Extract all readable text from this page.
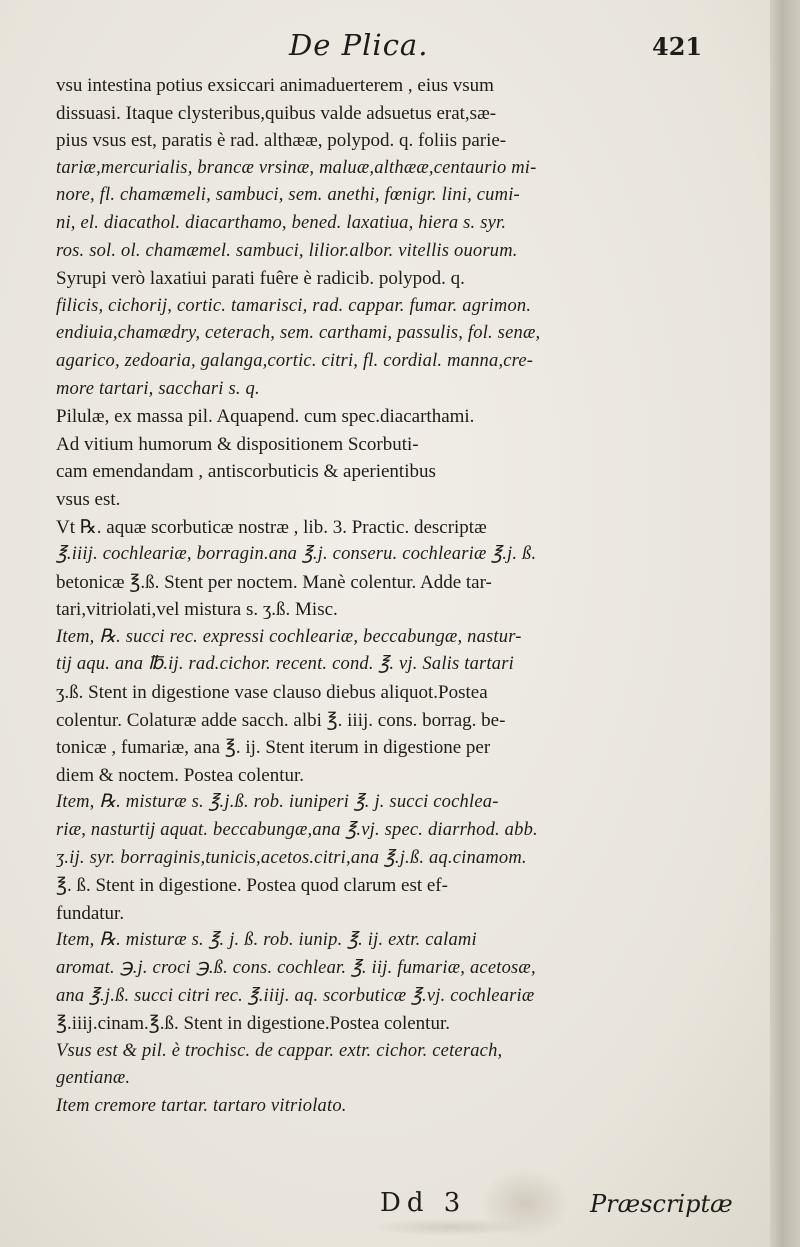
De Plica.	421
vsu intestina potius exsiccari animaduerterem , eius vsum
dissuasi. Itaque clysteribus,quibus valde adsuetus erat,sæ-
pius vsus est, paratis è rad. althææ, polypod. q. foliis parie-
tariæ,mercurialis, brancæ vrsinæ, maluæ,althææ,centaurio mi-
nore, fl. chamæmeli, sambuci, sem. anethi, fœnigr. lini, cumi-
ni, el. diacathol. diacarthamo, bened. laxatiua, hiera s. syr.
ros. sol. ol. chamæmel. sambuci, lilior.albor. vitellis ouorum.
Syrupi verò laxatiui parati fuêre è radicib. polypod. q.
filicis, cichorij, cortic. tamarisci, rad. cappar. fumar. agrimon.
endiuia,chamædry, ceterach, sem. carthami, passulis, fol. senæ,
agarico, zedoaria, galanga,cortic. citri, fl. cordial. manna,cre-
more tartari, sacchari s. q.
Pilulæ, ex massa pil. Aquapend. cum spec.diacarthami.
Ad vitium humorum & dispositionem Scorbuti-
cam emendandam , antiscorbuticis & aperientibus
vsus est.
Vt ℞. aquæ scorbuticæ nostræ , lib. 3. Practic. descriptæ
℥.iiij. cochleariæ, borragin.ana ℥.j. conseru. cochleariæ ℥.j. ß.
betonicæ ℥.ß. Stent per noctem. Manè colentur. Adde tar-
tari,vitriolati,vel mistura s. ʒ.ß. Misc.
Item, ℞. succi rec. expressi cochleariæ, beccabungæ, nastur-
tij aqu. ana ℔.ij. rad.cichor. recent. cond. ℥. vj. Salis tartari
ʒ.ß. Stent in digestione vase clauso diebus aliquot.Postea
colentur. Colaturæ adde sacch. albi ℥. iiij. cons. borrag. be-
tonicæ , fumariæ, ana ℥. ij. Stent iterum in digestione per
diem & noctem. Postea colentur.
Item, ℞. misturæ s. ℥.j.ß. rob. iuniperi ℥. j. succi cochlea-
riæ, nasturtij aquat. beccabungæ,ana ℥.vj. spec. diarrhod. abb.
ʒ.ij. syr. borraginis,tunicis,acetos.citri,ana ℥.j.ß. aq.cinamom.
℥. ß. Stent in digestione. Postea quod clarum est ef-
fundatur.
Item, ℞. misturæ s. ℥. j. ß. rob. iunip. ℥. ij. extr. calami
aromat. ℈.j. croci ℈.ß. cons. cochlear. ℥. iij. fumariæ, acetosæ,
ana ℥.j.ß. succi citri rec. ℥.iiij. aq. scorbuticæ ℥.vj. cochleariæ
℥.iiij.cinam.℥.ß. Stent in digestione.Postea colentur.
Vsus est & pil. è trochisc. de cappar. extr. cichor. ceterach,
gentianæ.
Item cremore tartar. tartaro vitriolato.
Dd 3	Præscriptæ
